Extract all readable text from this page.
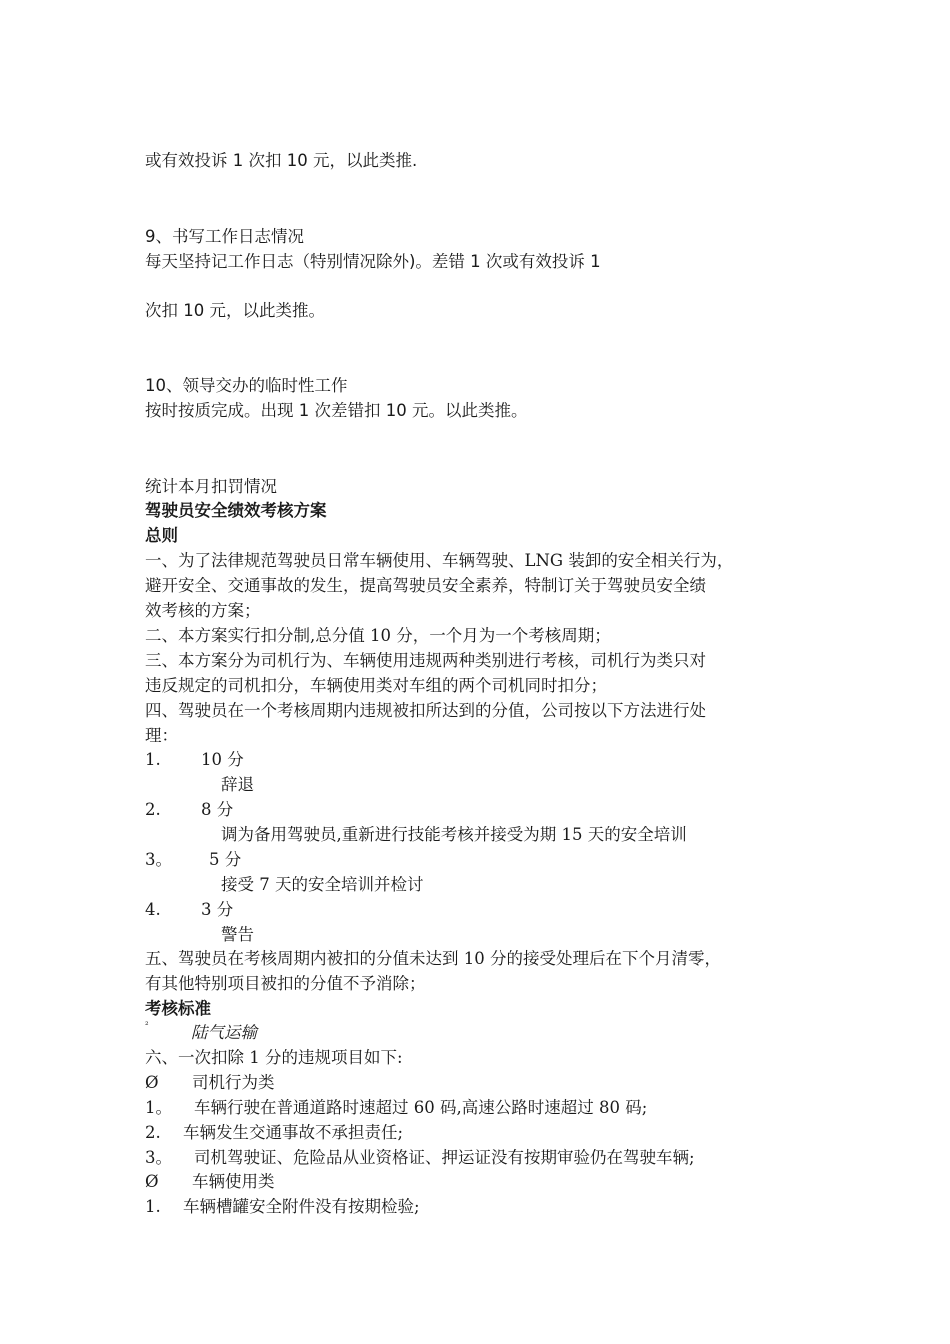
或有效投诉 1 次扣 10 元，以此类推.
9、书写工作日志情况
每天坚持记工作日志（特别情况除外)。差错 1 次或有效投诉 1
次扣 10 元，以此类推。
10、领导交办的临时性工作
按时按质完成。出现 1 次差错扣 10 元。以此类推。
统计本月扣罚情况
驾驶员安全绩效考核方案
总则
一、为了法律规范驾驶员日常车辆使用、车辆驾驶、LNG 装卸的安全相关行为，
避开安全、交通事故的发生，提高驾驶员安全素养，特制订关于驾驶员安全绩
效考核的方案；
二、本方案实行扣分制,总分值 10 分，一个月为一个考核周期；
三、本方案分为司机行为、车辆使用违规两种类别进行考核，司机行为类只对
违反规定的司机扣分，车辆使用类对车组的两个司机同时扣分；
四、驾驶员在一个考核周期内违规被扣所达到的分值，公司按以下方法进行处
理：
1. 10 分
辞退
2. 8 分
调为备用驾驶员,重新进行技能考核并接受为期 15 天的安全培训
3。 5 分
接受 7 天的安全培训并检讨
4. 3 分
警告
五、驾驶员在考核周期内被扣的分值未达到 10 分的接受处理后在下个月清零，
有其他特别项目被扣的分值不予消除；
考核标准
$^{^2}$	陆气运输
六、一次扣除 1 分的违规项目如下:
Ø 司机行为类
1。 车辆行驶在普通道路时速超过 60 码,高速公路时速超过 80 码;
2. 车辆发生交通事故不承担责任;
3。 司机驾驶证、危险品从业资格证、押运证没有按期审验仍在驾驶车辆;
Ø 车辆使用类
1. 车辆槽罐安全附件没有按期检验;
